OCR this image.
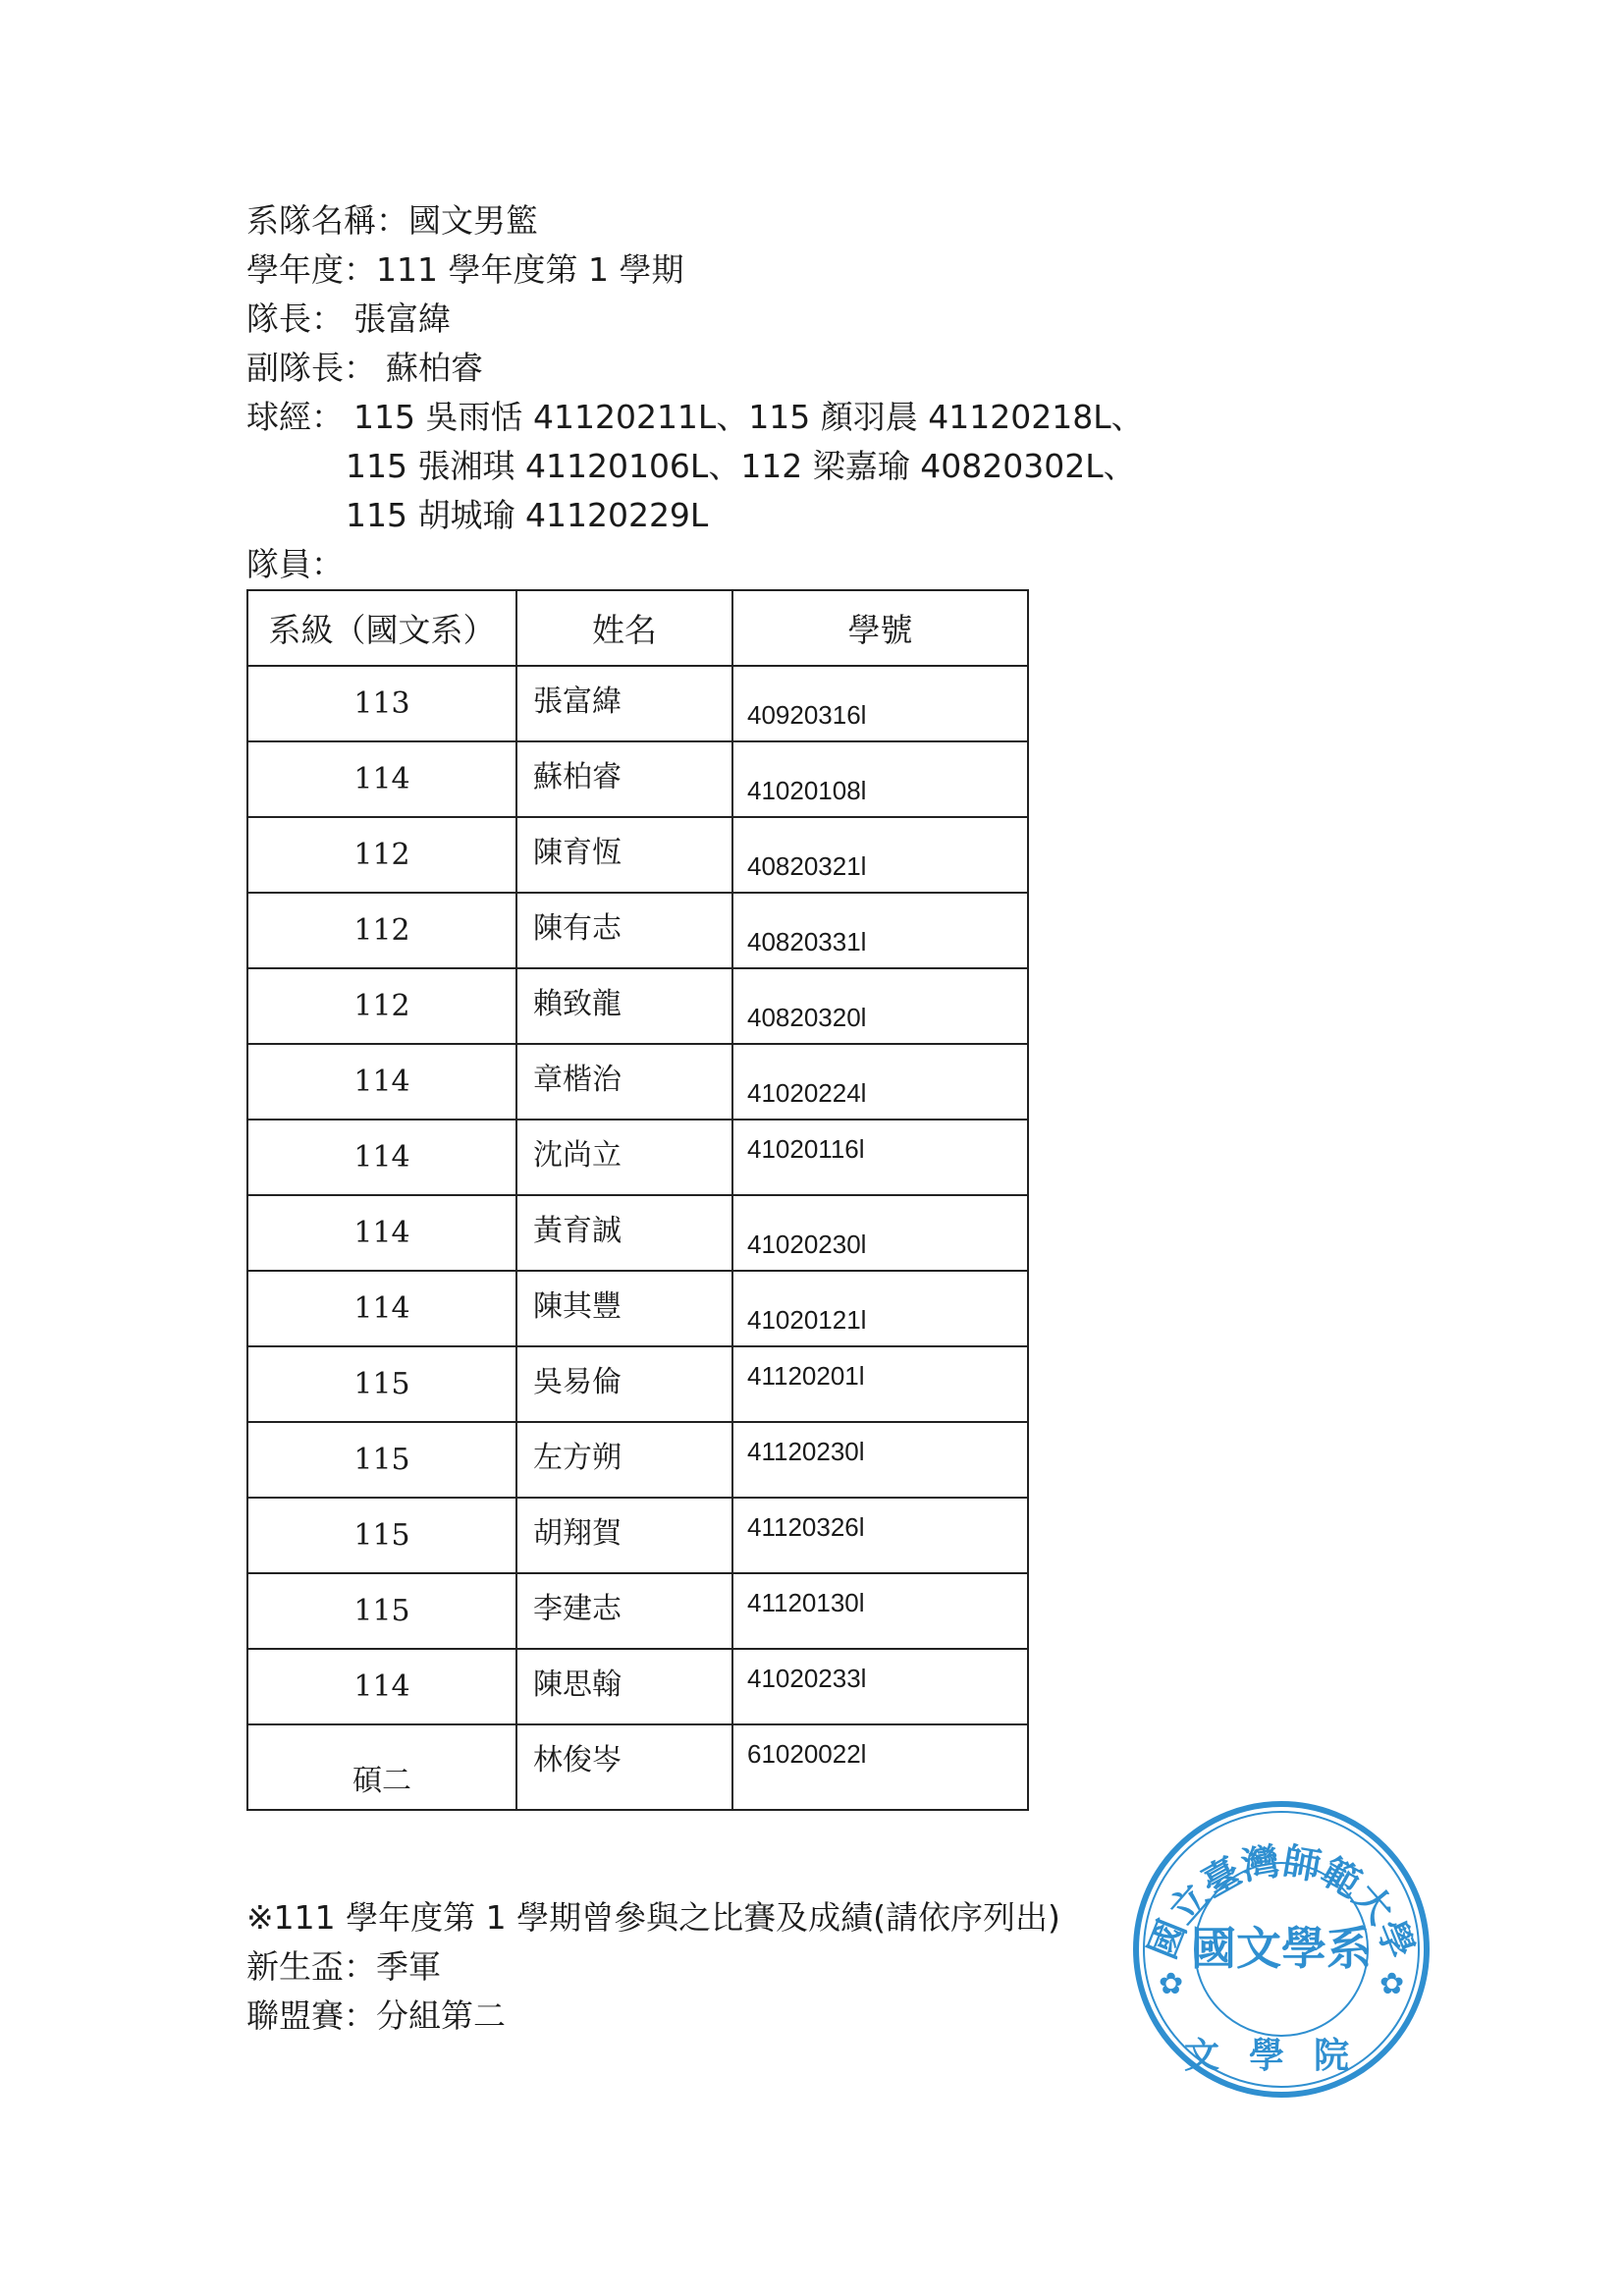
系隊名稱：國文男籃
學年度：111 學年度第 1 學期
隊長： 張富緯
副隊長： 蘇柏睿
球經： 115 吳雨恬 41120211L、115 顏羽晨 41120218L、
115 張湘琪 41120106L、112 梁嘉瑜 40820302L、
115 胡城瑜 41120229L
隊員：
系級（國文系）	姓名	學號
113	張富緯	40920316l

114	蘇柏睿	41020108l

112	陳育恆	40820321l

112	陳有志	40820331l

112	賴致龍	40820320l

114	章楷治	41020224l

114	沈尚立	41020116l

114	黃育誠	41020230l

114	陳其豐	41020121l

115	吳易倫	41120201l

115	左方朔	41120230l

115	胡翔賀	41120326l

115	李建志	41120130l

114	陳思翰	41020233l

碩二	林俊岑	61020022l
※111 學年度第 1 學期曾參與之比賽及成績(請依序列出)
新生盃：季軍
聯盟賽：分組第二
國立臺灣師範大學
國文學系
文學院
✿	✿
